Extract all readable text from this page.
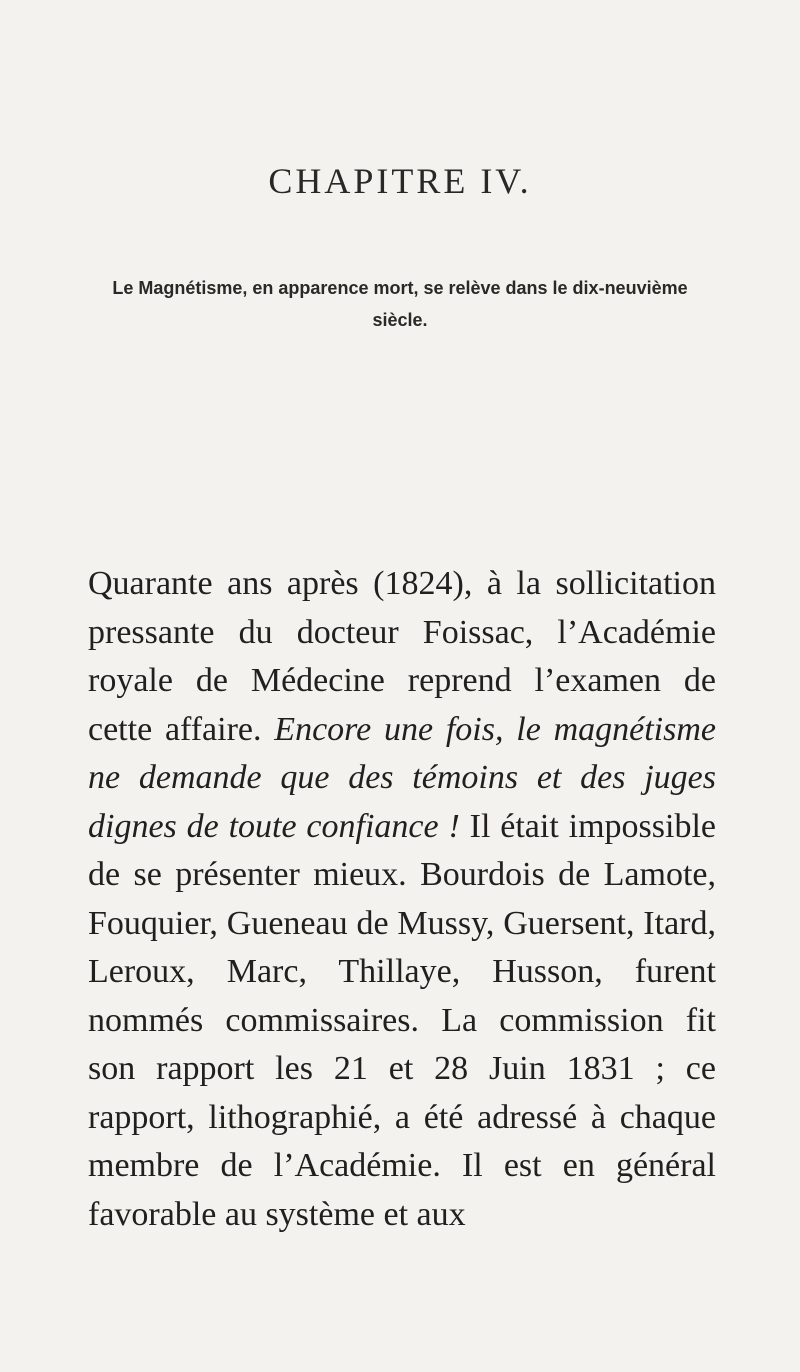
CHAPITRE IV.
Le Magnétisme, en apparence mort, se relève dans le dix-neuvième siècle.
Quarante ans après (1824), à la sollicitation pressante du docteur Foissac, l’Académie royale de Médecine reprend l’examen de cette affaire. Encore une fois, le magnétisme ne demande que des témoins et des juges dignes de toute confiance ! Il était impossible de se présenter mieux. Bourdois de Lamote, Fouquier, Gueneau de Mussy, Guersent, Itard, Leroux, Marc, Thillaye, Husson, furent nommés commissaires. La commission fit son rapport les 21 et 28 Juin 1831 ; ce rapport, lithographié, a été adressé à chaque membre de l’Académie. Il est en général favorable au système et aux
